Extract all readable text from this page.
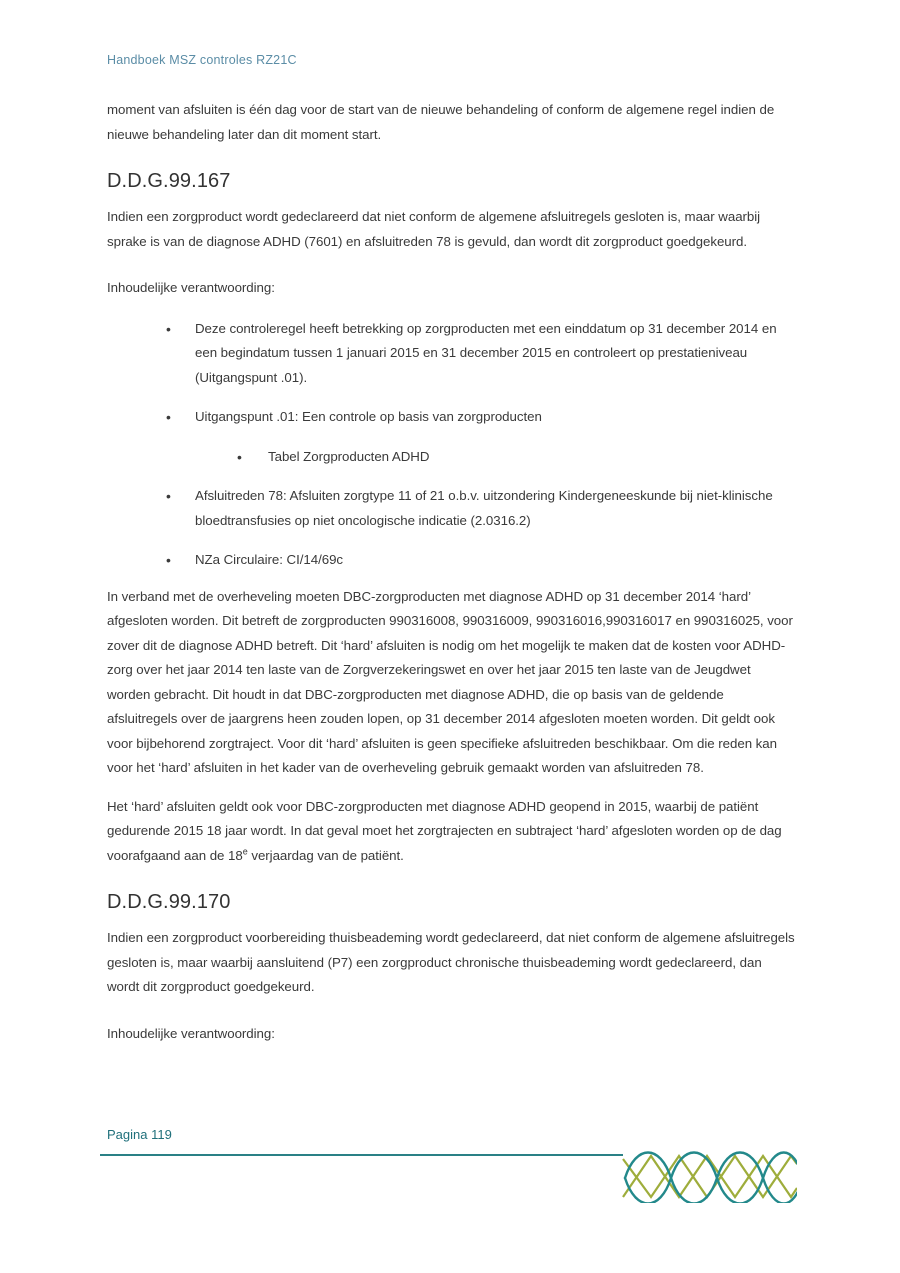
Handboek MSZ controles RZ21C

moment van afsluiten is één dag voor de start van de nieuwe behandeling of conform de algemene regel indien de nieuwe behandeling later dan dit moment start.

D.D.G.99.167

Indien een zorgproduct wordt gedeclareerd dat niet conform de algemene afsluitregels gesloten is, maar waarbij sprake is van de diagnose ADHD (7601) en afsluitreden 78 is gevuld, dan wordt dit zorgproduct goedgekeurd.

Inhoudelijke verantwoording:

• Deze controleregel heeft betrekking op zorgproducten met een einddatum op 31 december 2014 en een begindatum tussen 1 januari 2015 en 31 december 2015 en controleert op prestatieniveau (Uitgangspunt .01).
• Uitgangspunt .01: Een controle op basis van zorgproducten
• Tabel Zorgproducten ADHD
• Afsluitreden 78: Afsluiten zorgtype 11 of 21 o.b.v. uitzondering Kindergeneeskunde bij niet-klinische bloedtransfusies op niet oncologische indicatie (2.0316.2)
• NZa Circulaire: CI/14/69c

In verband met de overheveling moeten DBC-zorgproducten met diagnose ADHD op 31 december 2014 ‘hard’ afgesloten worden. Dit betreft de zorgproducten 990316008, 990316009, 990316016,990316017 en 990316025, voor zover dit de diagnose ADHD betreft. Dit ‘hard’ afsluiten is nodig om het mogelijk te maken dat de kosten voor ADHD-zorg over het jaar 2014 ten laste van de Zorgverzekeringswet en over het jaar 2015 ten laste van de Jeugdwet worden gebracht. Dit houdt in dat DBC-zorgproducten met diagnose ADHD, die op basis van de geldende afsluitregels over de jaargrens heen zouden lopen, op 31 december 2014 afgesloten moeten worden. Dit geldt ook voor bijbehorend zorgtraject. Voor dit ‘hard’ afsluiten is geen specifieke afsluitreden beschikbaar. Om die reden kan voor het ‘hard’ afsluiten in het kader van de overheveling gebruik gemaakt worden van afsluitreden 78.

Het ‘hard’ afsluiten geldt ook voor DBC-zorgproducten met diagnose ADHD geopend in 2015, waarbij de patiënt gedurende 2015 18 jaar wordt. In dat geval moet het zorgtrajecten en subtraject ‘hard’ afgesloten worden op de dag voorafgaand aan de 18e verjaardag van de patiënt.

D.D.G.99.170

Indien een zorgproduct voorbereiding thuisbeademing wordt gedeclareerd, dat niet conform de algemene afsluitregels gesloten is, maar waarbij aansluitend (P7) een zorgproduct chronische thuisbeademing wordt gedeclareerd, dan wordt dit zorgproduct goedgekeurd.

Inhoudelijke verantwoording:

Pagina 119
